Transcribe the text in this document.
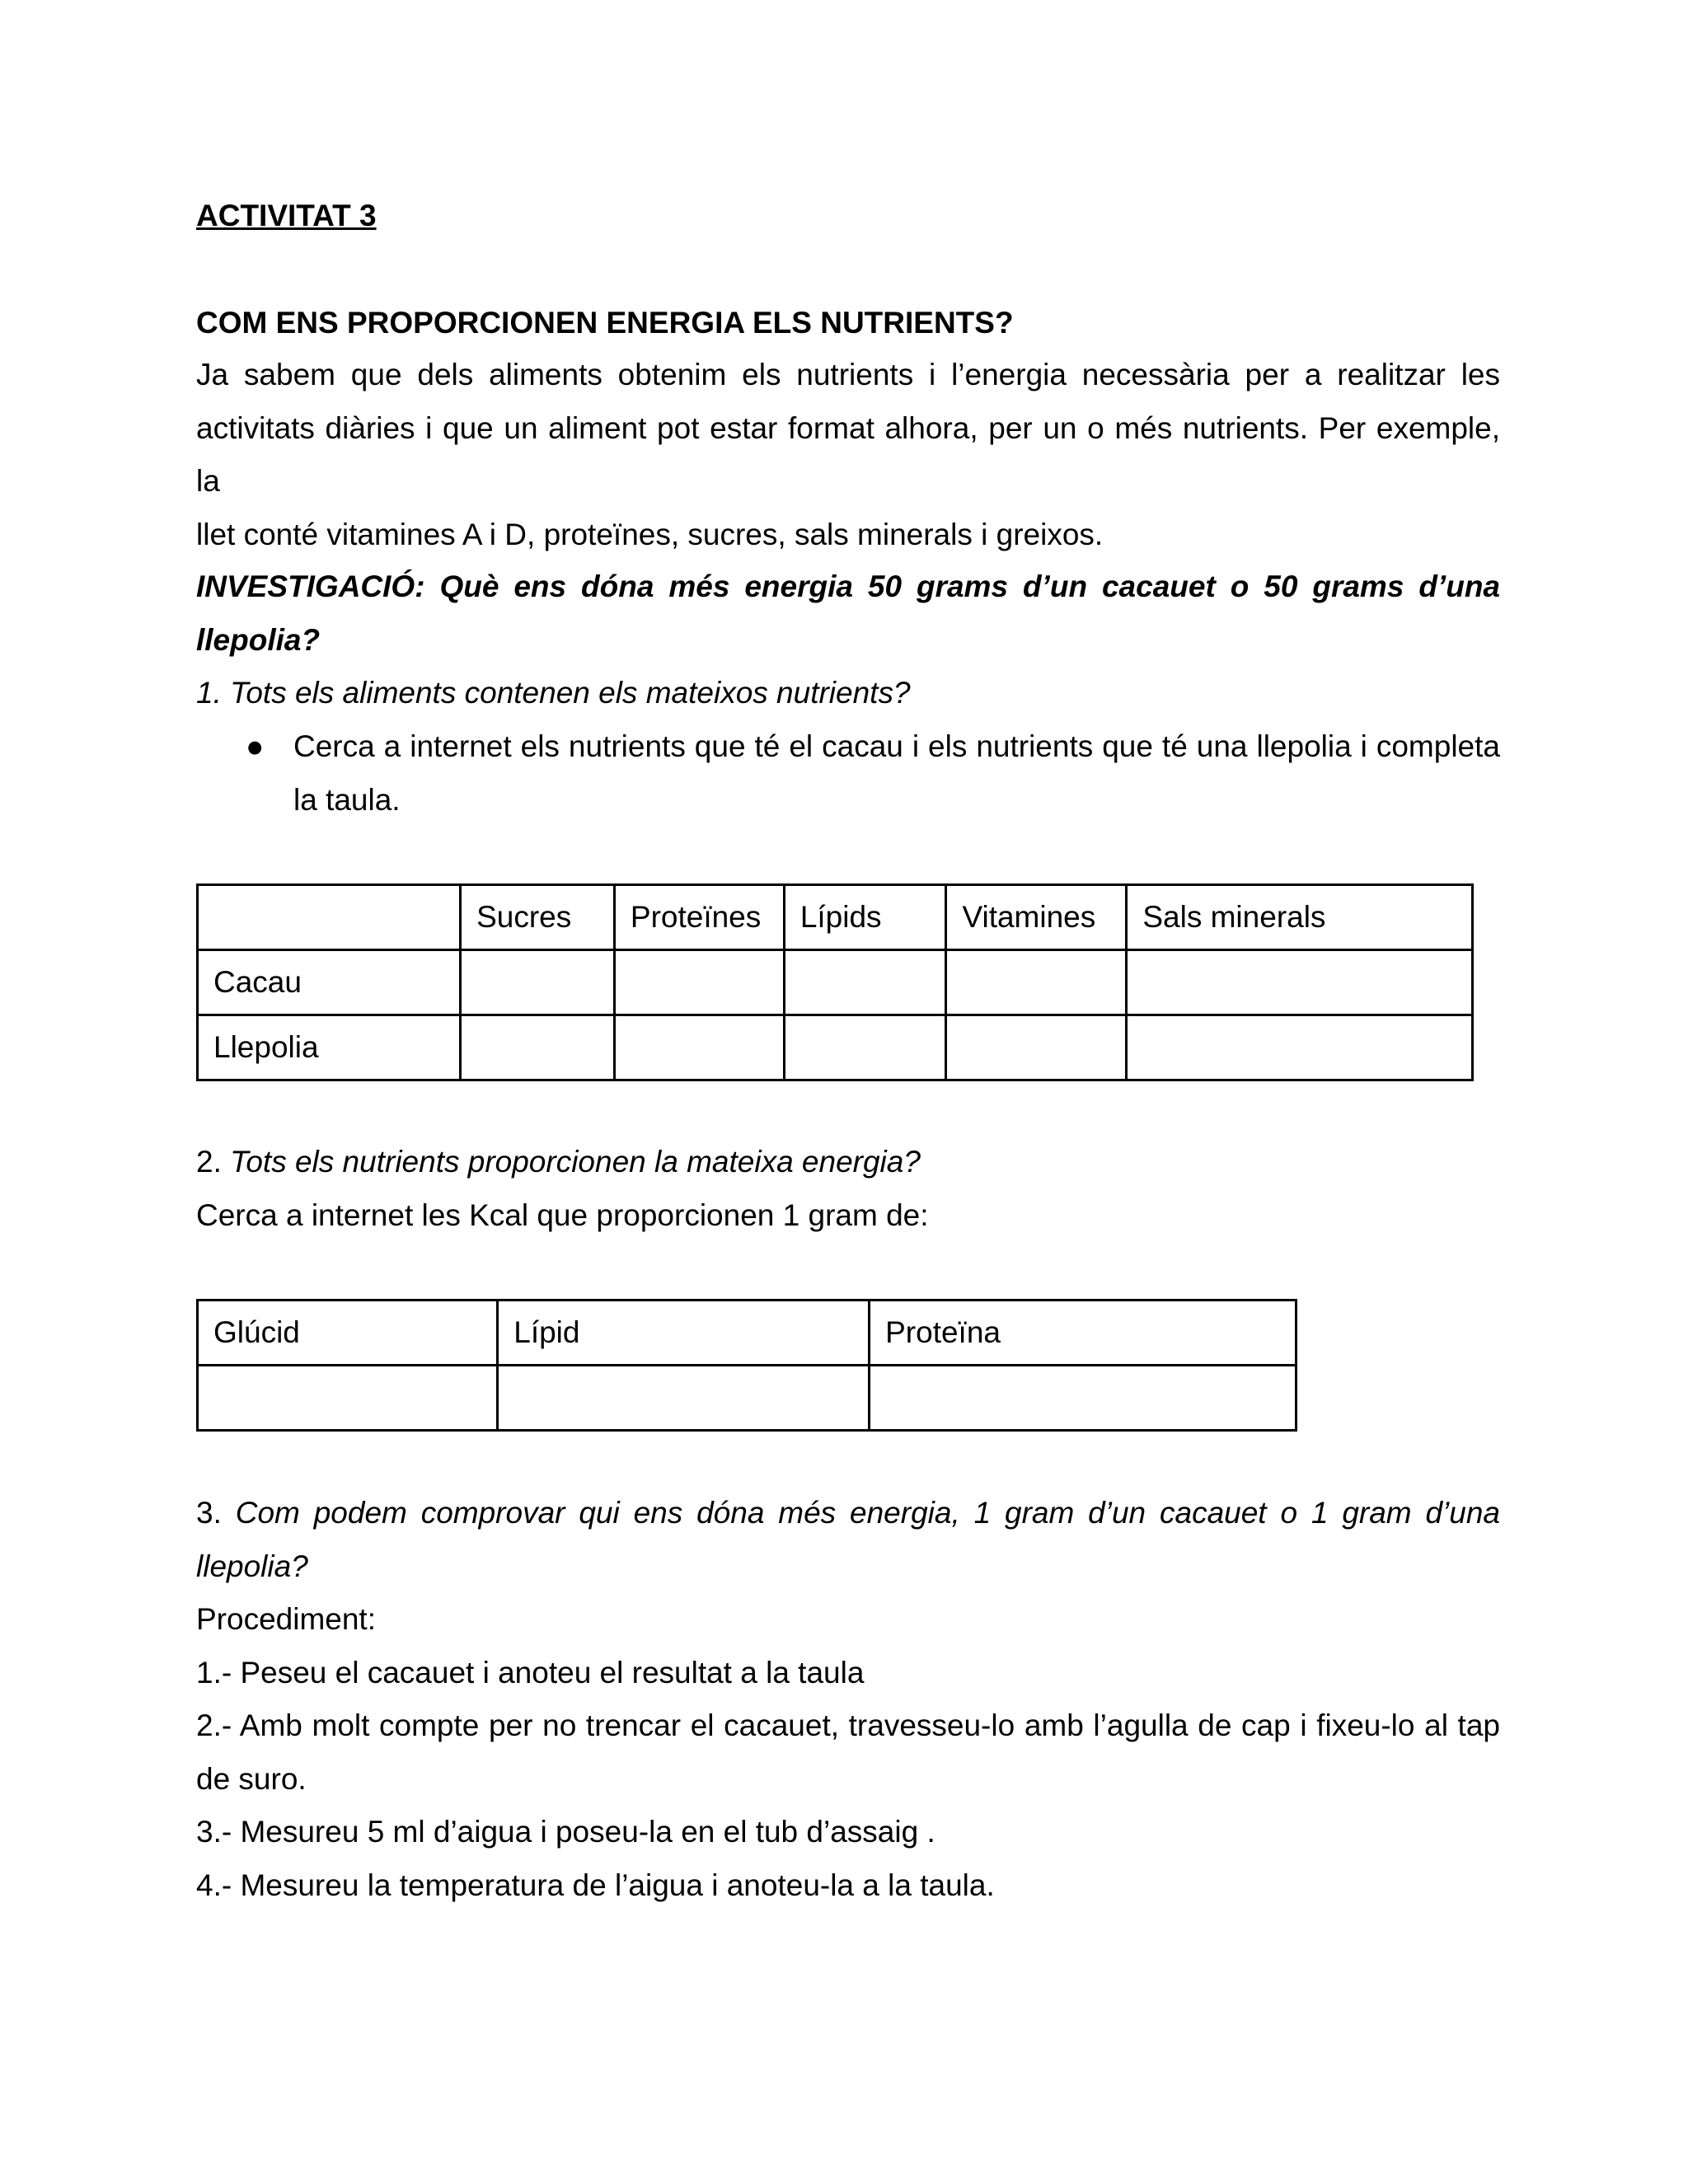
ACTIVITAT 3
COM ENS PROPORCIONEN ENERGIA ELS NUTRIENTS?

Ja sabem que dels aliments obtenim els nutrients i l’energia necessària per a realitzar les

activitats diàries i que un aliment pot estar format alhora, per un o més nutrients. Per exemple, la

llet conté vitamines A i D, proteïnes, sucres, sals minerals i greixos.

INVESTIGACIÓ: Què ens dóna més energia 50 grams d’un cacauet o 50 grams d’una

llepolia?

1. Tots els aliments contenen els mateixos nutrients?

● Cerca a internet els nutrients que té el cacau i els nutrients que té una llepolia i completa

la taula.

	Sucres	Proteïnes	Lípids	Vitamines	Sals minerals
Cacau					
Llepolia					

2. Tots els nutrients proporcionen la mateixa energia?

Cerca a internet les Kcal que proporcionen 1 gram de:

Glúcid	Lípid	Proteïna

3. Com podem comprovar qui ens dóna més energia, 1 gram d’un cacauet o 1 gram d’una

llepolia?

Procediment:

1.- Peseu el cacauet i anoteu el resultat a la taula

2.- Amb molt compte per no trencar el cacauet, travesseu-lo amb l’agulla de cap i fixeu-lo al tap

de suro.

3.- Mesureu 5 ml d’aigua i poseu-la en el tub d’assaig .

4.- Mesureu la temperatura de l’aigua i anoteu-la a la taula.
